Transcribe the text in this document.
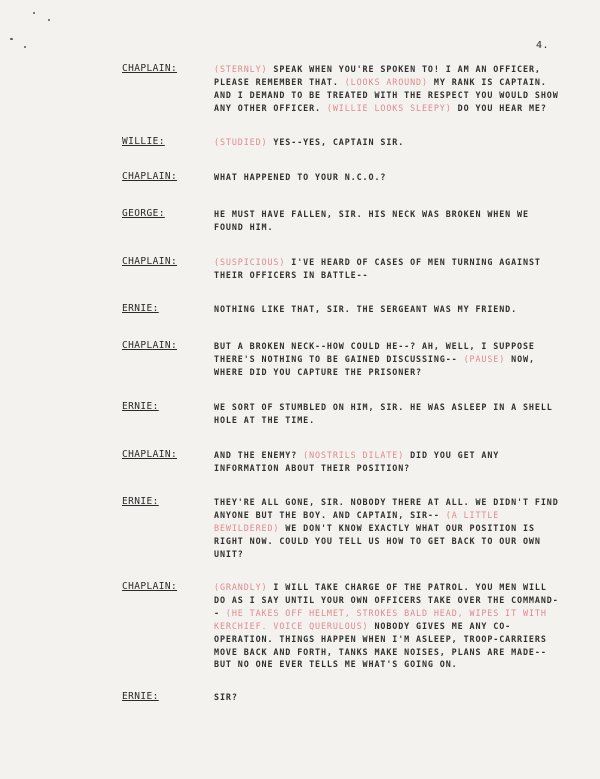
4.
CHAPLAIN:	(STERNLY) SPEAK WHEN YOU'RE SPOKEN TO! I AM AN OFFICER, PLEASE REMEMBER THAT. (LOOKS AROUND) MY RANK IS CAPTAIN. AND I DEMAND TO BE TREATED WITH THE RESPECT YOU WOULD SHOW ANY OTHER OFFICER. (WILLIE LOOKS SLEEPY) DO YOU HEAR ME?
WILLIE:	(STUDIED) YES--YES, CAPTAIN SIR.
CHAPLAIN:	WHAT HAPPENED TO YOUR N.C.O.?
GEORGE:	HE MUST HAVE FALLEN, SIR. HIS NECK WAS BROKEN WHEN WE FOUND HIM.
CHAPLAIN:	(SUSPICIOUS) I'VE HEARD OF CASES OF MEN TURNING AGAINST THEIR OFFICERS IN BATTLE--
ERNIE:	NOTHING LIKE THAT, SIR. THE SERGEANT WAS MY FRIEND.
CHAPLAIN:	BUT A BROKEN NECK--HOW COULD HE--? AH, WELL, I SUPPOSE THERE'S NOTHING TO BE GAINED DISCUSSING-- (PAUSE) NOW, WHERE DID YOU CAPTURE THE PRISONER?
ERNIE:	WE SORT OF STUMBLED ON HIM, SIR. HE WAS ASLEEP IN A SHELL HOLE AT THE TIME.
CHAPLAIN:	AND THE ENEMY? (NOSTRILS DILATE) DID YOU GET ANY INFORMATION ABOUT THEIR POSITION?
ERNIE:	THEY'RE ALL GONE, SIR. NOBODY THERE AT ALL. WE DIDN'T FIND ANYONE BUT THE BOY. AND CAPTAIN, SIR-- (A LITTLE BEWILDERED) WE DON'T KNOW EXACTLY WHAT OUR POSITION IS RIGHT NOW. COULD YOU TELL US HOW TO GET BACK TO OUR OWN UNIT?
CHAPLAIN:	(GRANDLY) I WILL TAKE CHARGE OF THE PATROL. YOU MEN WILL DO AS I SAY UNTIL YOUR OWN OFFICERS TAKE OVER THE COMMAND-- (HE TAKES OFF HELMET, STROKES BALD HEAD, WIPES IT WITH KERCHIEF. VOICE QUERULOUS) NOBODY GIVES ME ANY CO-OPERATION. THINGS HAPPEN WHEN I'M ASLEEP, TROOP-CARRIERS MOVE BACK AND FORTH, TANKS MAKE NOISES, PLANS ARE MADE-- BUT NO ONE EVER TELLS ME WHAT'S GOING ON.
ERNIE:	SIR?
